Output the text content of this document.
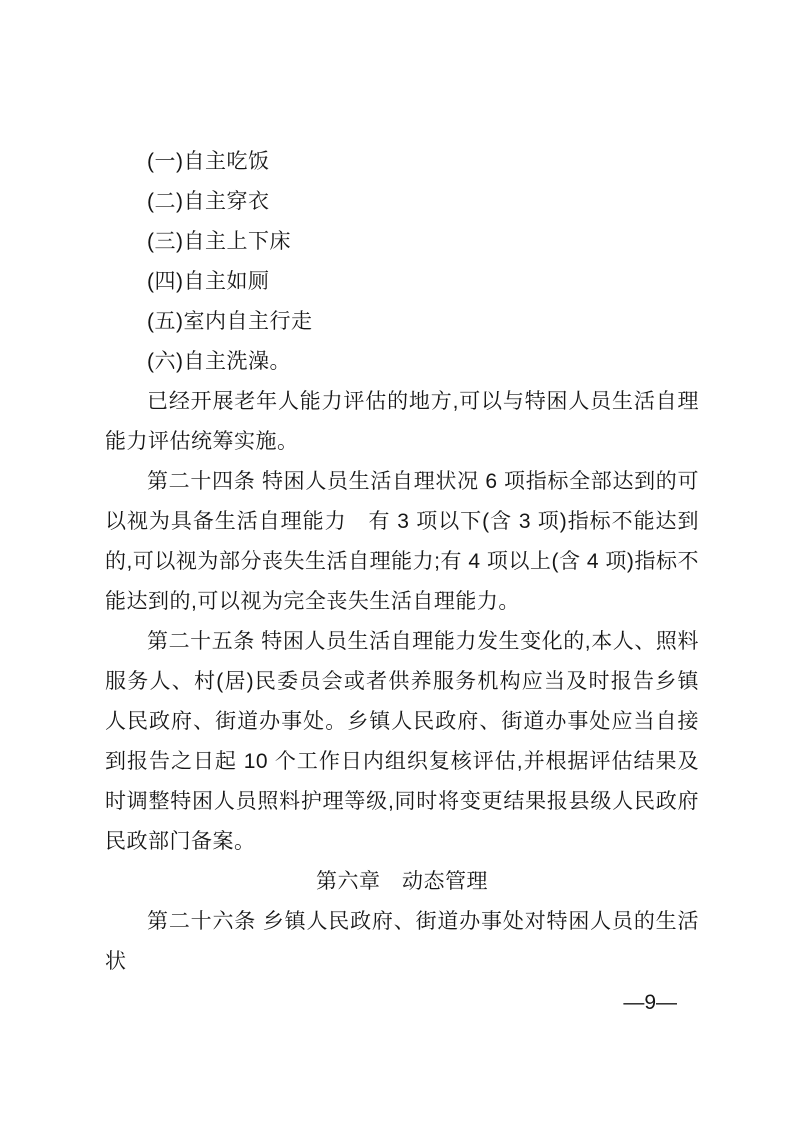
(一)自主吃饭

(二)自主穿衣

(三)自主上下床

(四)自主如厕

(五)室内自主行走

(六)自主洗澡。

已经开展老年人能力评估的地方,可以与特困人员生活自理能力评估统筹实施。

第二十四条 特困人员生活自理状况 6 项指标全部达到的可以视为具备生活自理能力　有 3 项以下(含 3 项)指标不能达到的,可以视为部分丧失生活自理能力;有 4 项以上(含 4 项)指标不能达到的,可以视为完全丧失生活自理能力。

第二十五条 特困人员生活自理能力发生变化的,本人、照料服务人、村(居)民委员会或者供养服务机构应当及时报告乡镇人民政府、街道办事处。乡镇人民政府、街道办事处应当自接到报告之日起 10 个工作日内组织复核评估,并根据评估结果及时调整特困人员照料护理等级,同时将变更结果报县级人民政府民政部门备案。

第六章　动态管理

第二十六条 乡镇人民政府、街道办事处对特困人员的生活状

—9—
